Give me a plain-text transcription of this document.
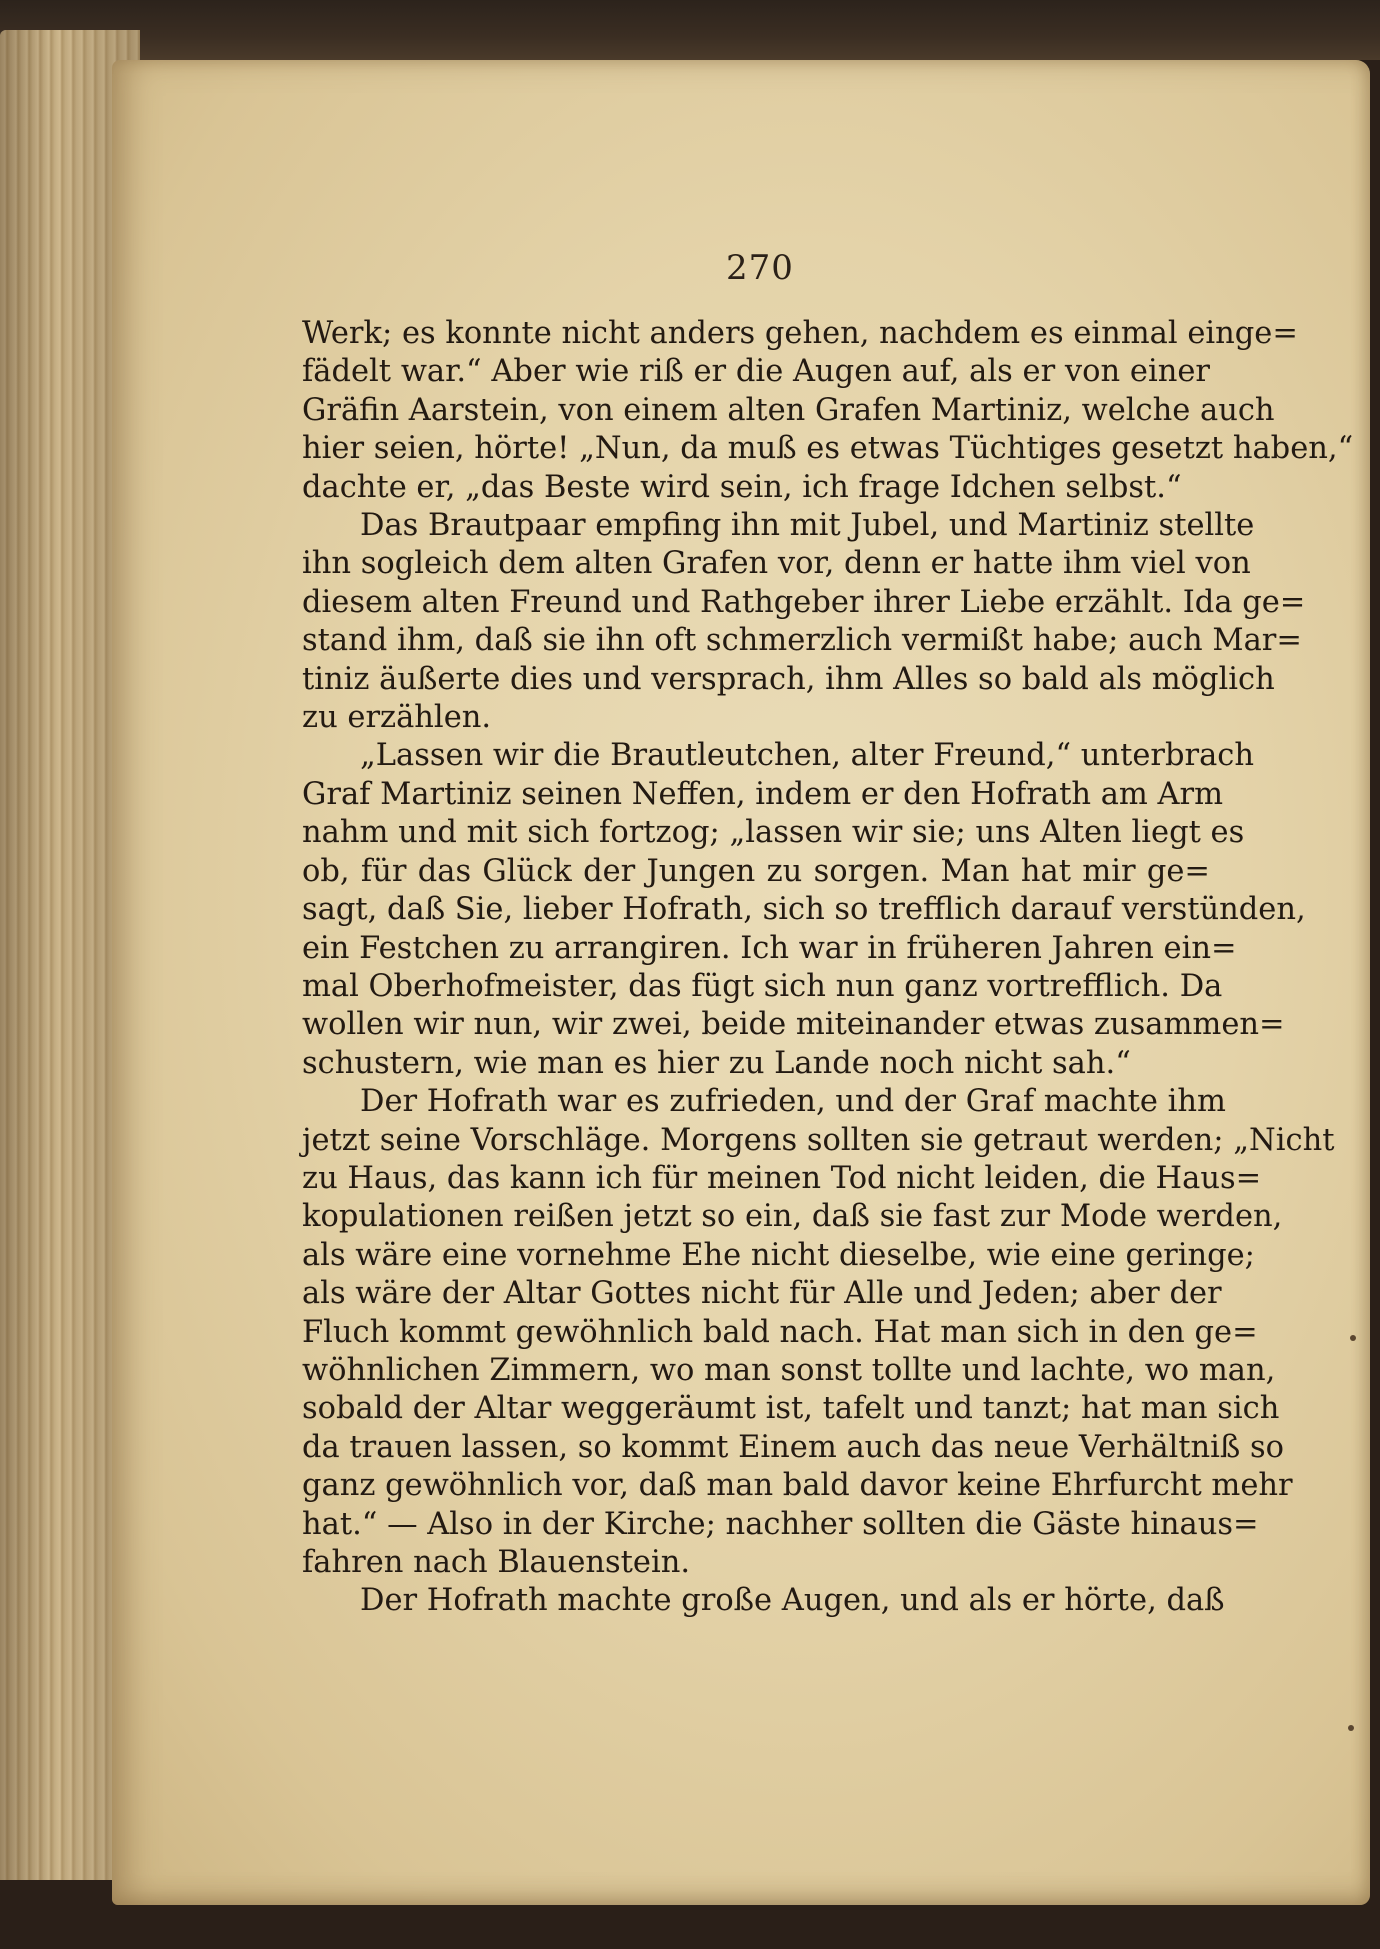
270

Werk; es konnte nicht anders gehen, nachdem es einmal einge=
fädelt war.“ Aber wie riß er die Augen auf, als er von einer
Gräfin Aarstein, von einem alten Grafen Martiniz, welche auch
hier seien, hörte! „Nun, da muß es etwas Tüchtiges gesetzt haben,“
dachte er, „das Beste wird sein, ich frage Idchen selbst.“

Das Brautpaar empfing ihn mit Jubel, und Martiniz stellte
ihn sogleich dem alten Grafen vor, denn er hatte ihm viel von
diesem alten Freund und Rathgeber ihrer Liebe erzählt. Ida ge=
stand ihm, daß sie ihn oft schmerzlich vermißt habe; auch Mar=
tiniz äußerte dies und versprach, ihm Alles so bald als möglich
zu erzählen.

„Lassen wir die Brautleutchen, alter Freund,“ unterbrach
Graf Martiniz seinen Neffen, indem er den Hofrath am Arm
nahm und mit sich fortzog; „lassen wir sie; uns Alten liegt es
ob, für das Glück der Jungen zu sorgen. Man hat mir ge=
sagt, daß Sie, lieber Hofrath, sich so trefflich darauf verstünden,
ein Festchen zu arrangiren. Ich war in früheren Jahren ein=
mal Oberhofmeister, das fügt sich nun ganz vortrefflich. Da
wollen wir nun, wir zwei, beide miteinander etwas zusammen=
schustern, wie man es hier zu Lande noch nicht sah.“

Der Hofrath war es zufrieden, und der Graf machte ihm
jetzt seine Vorschläge. Morgens sollten sie getraut werden; „Nicht
zu Haus, das kann ich für meinen Tod nicht leiden, die Haus=
kopulationen reißen jetzt so ein, daß sie fast zur Mode werden,
als wäre eine vornehme Ehe nicht dieselbe, wie eine geringe;
als wäre der Altar Gottes nicht für Alle und Jeden; aber der
Fluch kommt gewöhnlich bald nach. Hat man sich in den ge=
wöhnlichen Zimmern, wo man sonst tollte und lachte, wo man,
sobald der Altar weggeräumt ist, tafelt und tanzt; hat man sich
da trauen lassen, so kommt Einem auch das neue Verhältniß so
ganz gewöhnlich vor, daß man bald davor keine Ehrfurcht mehr
hat.“ — Also in der Kirche; nachher sollten die Gäste hinaus=
fahren nach Blauenstein.

Der Hofrath machte große Augen, und als er hörte, daß
